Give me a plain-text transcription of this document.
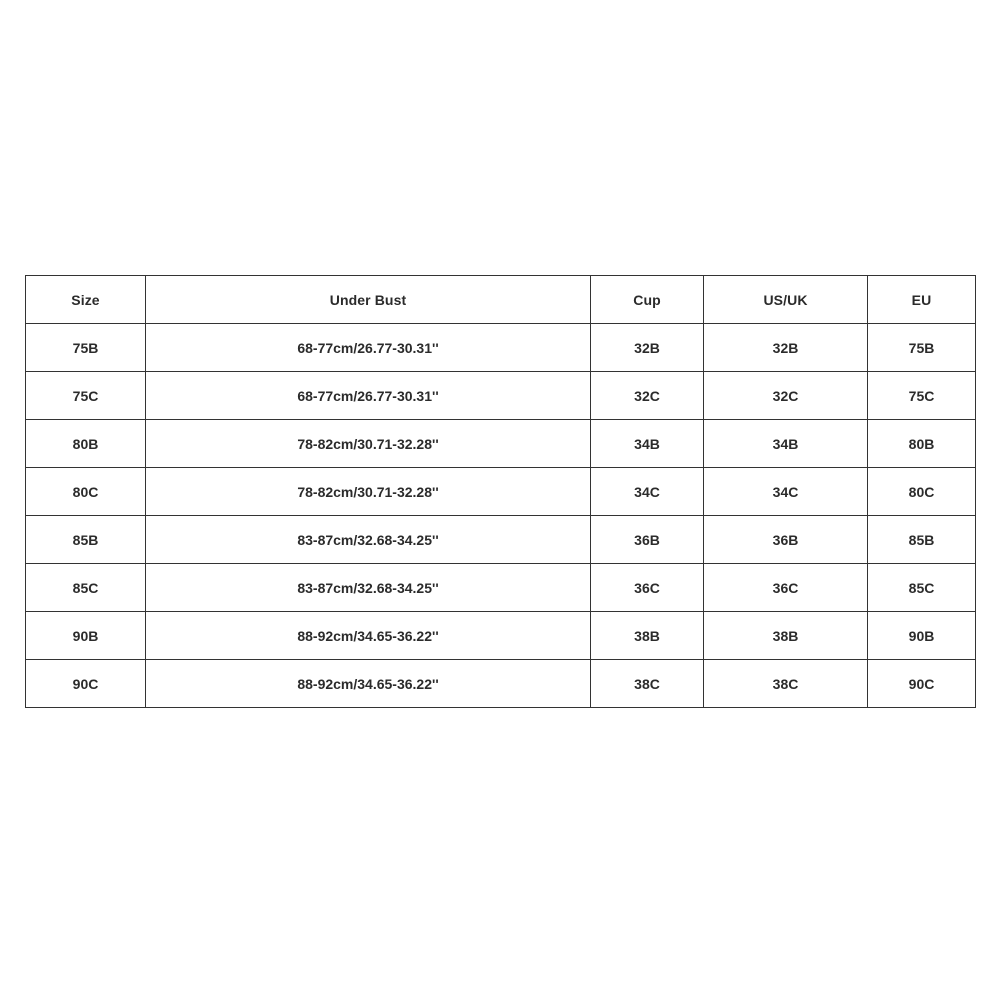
Size	Under Bust	Cup	US/UK	EU
75B	68-77cm/26.77-30.31''	32B	32B	75B
75C	68-77cm/26.77-30.31''	32C	32C	75C
80B	78-82cm/30.71-32.28''	34B	34B	80B
80C	78-82cm/30.71-32.28''	34C	34C	80C
85B	83-87cm/32.68-34.25''	36B	36B	85B
85C	83-87cm/32.68-34.25''	36C	36C	85C
90B	88-92cm/34.65-36.22''	38B	38B	90B
90C	88-92cm/34.65-36.22''	38C	38C	90C
